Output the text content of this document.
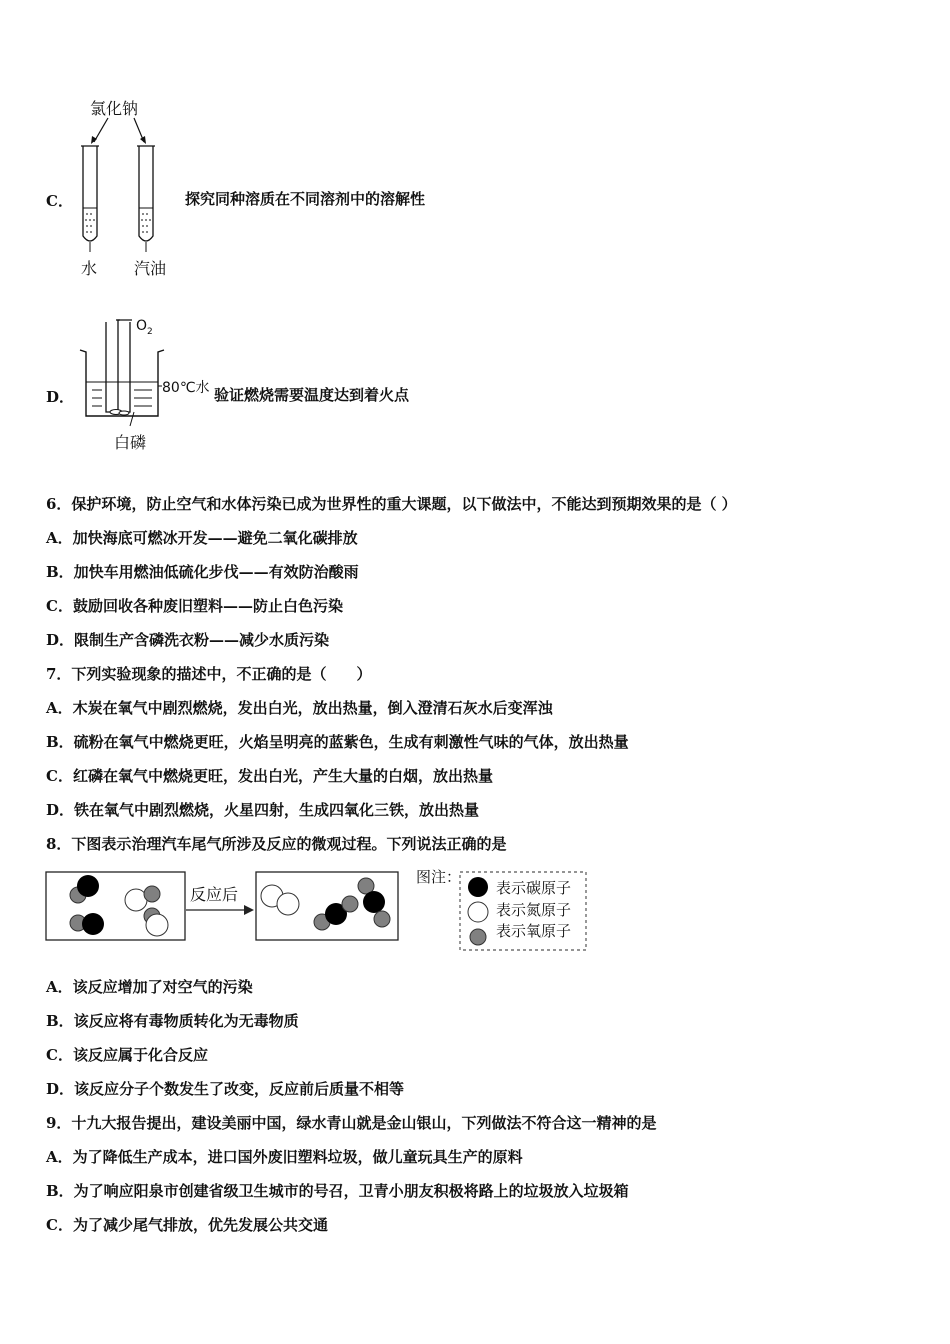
C．
氯化钠
水 汽油
探究同种溶质在不同溶剂中的溶解性
D．
$O_2$
80℃水
白磷
验证燃烧需要温度达到着火点
6．保护环境，防止空气和水体污染已成为世界性的重大课题，以下做法中，不能达到预期效果的是（ ）
A．加快海底可燃冰开发——避免二氧化碳排放
B．加快车用燃油低硫化步伐——有效防治酸雨
C．鼓励回收各种废旧塑料——防止白色污染
D．限制生产含磷洗衣粉——减少水质污染
7．下列实验现象的描述中，不正确的是（　　）
A．木炭在氧气中剧烈燃烧，发出白光，放出热量，倒入澄清石灰水后变浑浊
B．硫粉在氧气中燃烧更旺，火焰呈明亮的蓝紫色，生成有刺激性气味的气体，放出热量
C．红磷在氧气中燃烧更旺，发出白光，产生大量的白烟，放出热量
D．铁在氧气中剧烈燃烧，火星四射，生成四氧化三铁，放出热量
8．下图表示治理汽车尾气所涉及反应的微观过程。下列说法正确的是
反应后
图注：
表示碳原子
表示氮原子
表示氧原子
A．该反应增加了对空气的污染
B．该反应将有毒物质转化为无毒物质
C．该反应属于化合反应
D．该反应分子个数发生了改变，反应前后质量不相等
9．十九大报告提出，建设美丽中国，绿水青山就是金山银山，下列做法不符合这一精神的是
A．为了降低生产成本，进口国外废旧塑料垃圾，做儿童玩具生产的原料
B．为了响应阳泉市创建省级卫生城市的号召，卫青小朋友积极将路上的垃圾放入垃圾箱
C．为了减少尾气排放，优先发展公共交通
